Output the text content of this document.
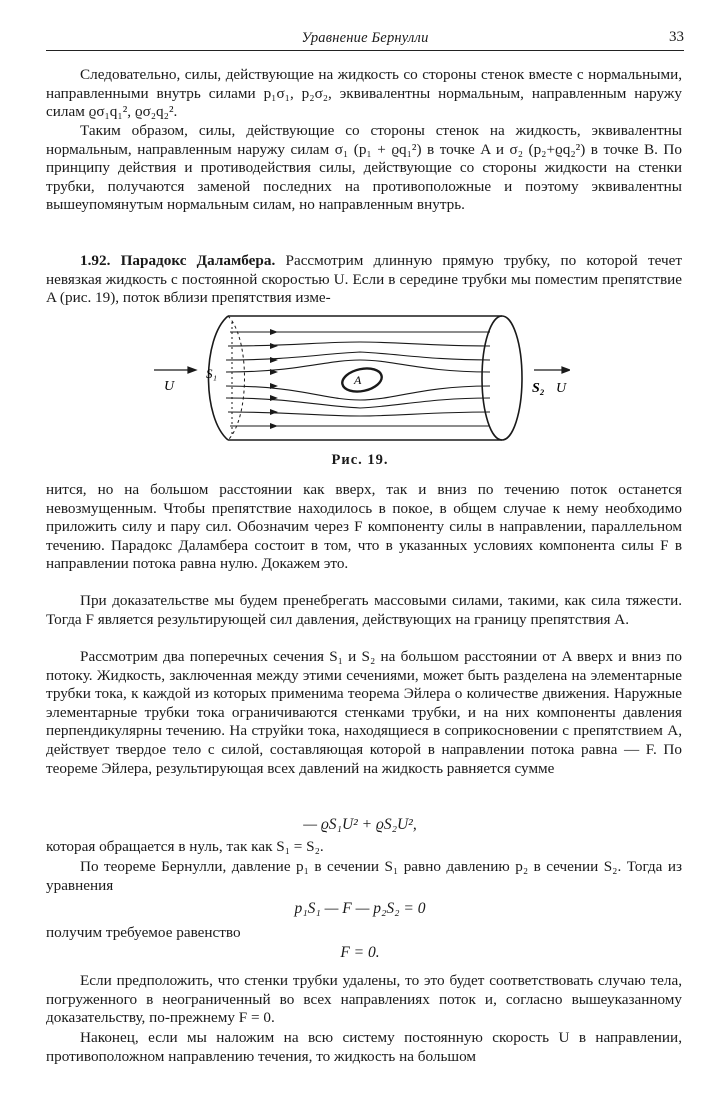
Уравнение Бернулли	33
Следовательно, силы, действующие на жидкость со стороны стенок вместе с нормальными, направленными внутрь силами p₁σ₁, p₂σ₂, эквивалентны нормальным, направленным наружу силам ϱσ₁q₁², ϱσ₂q₂².
Таким образом, силы, действующие со стороны стенок на жидкость, эквивалентны нормальным, направленным наружу силам σ₁ (p₁ + ϱq₁²) в точке A и σ₂ (p₂+ϱq₂²) в точке B. По принципу действия и противодействия силы, действующие со стороны жидкости на стенки трубки, получаются заменой последних на противоположные и поэтому эквивалентны вышеупомянутым нормальным силам, но направленным внутрь.
1.92. Парадокс Даламбера. Рассмотрим длинную прямую трубку, по которой течет невязкая жидкость с постоянной скоростью U. Если в середине трубки мы поместим препятствие A (рис. 19), поток вблизи препятствия изме-
U
S₁	A
S₂ U
Рис. 19.
нится, но на большом расстоянии как вверх, так и вниз по течению поток останется невозмущенным. Чтобы препятствие находилось в покое, в общем случае к нему необходимо приложить силу и пару сил. Обозначим через F компоненту силы в направлении, параллельном течению. Парадокс Даламбера состоит в том, что в указанных условиях компонента силы F в направлении потока равна нулю. Докажем это.
При доказательстве мы будем пренебрегать массовыми силами, такими, как сила тяжести. Тогда F является результирующей сил давления, действующих на границу препятствия A.
Рассмотрим два поперечных сечения S₁ и S₂ на большом расстоянии от A вверх и вниз по потоку. Жидкость, заключенная между этими сечениями, может быть разделена на элементарные трубки тока, к каждой из которых применима теорема Эйлера о количестве движения. Наружные элементарные трубки тока ограничиваются стенками трубки, и на них компоненты давления перпендикулярны течению. На струйки тока, находящиеся в соприкосновении с препятствием A, действует твердое тело с силой, составляющая которой в направлении потока равна — F. По теореме Эйлера, результирующая всех давлений на жидкость равняется сумме
— ϱS₁U² + ϱS₂U²,
которая обращается в нуль, так как S₁ = S₂.
По теореме Бернулли, давление p₁ в сечении S₁ равно давлению p₂ в сечении S₂. Тогда из уравнения
p₁S₁ — F — p₂S₂ = 0
получим требуемое равенство
F = 0.
Если предположить, что стенки трубки удалены, то это будет соответствовать случаю тела, погруженного в неограниченный во всех направлениях поток и, согласно вышеуказанному доказательству, по-прежнему F = 0.
Наконец, если мы наложим на всю систему постоянную скорость U в направлении, противоположном направлению течения, то жидкость на большом
